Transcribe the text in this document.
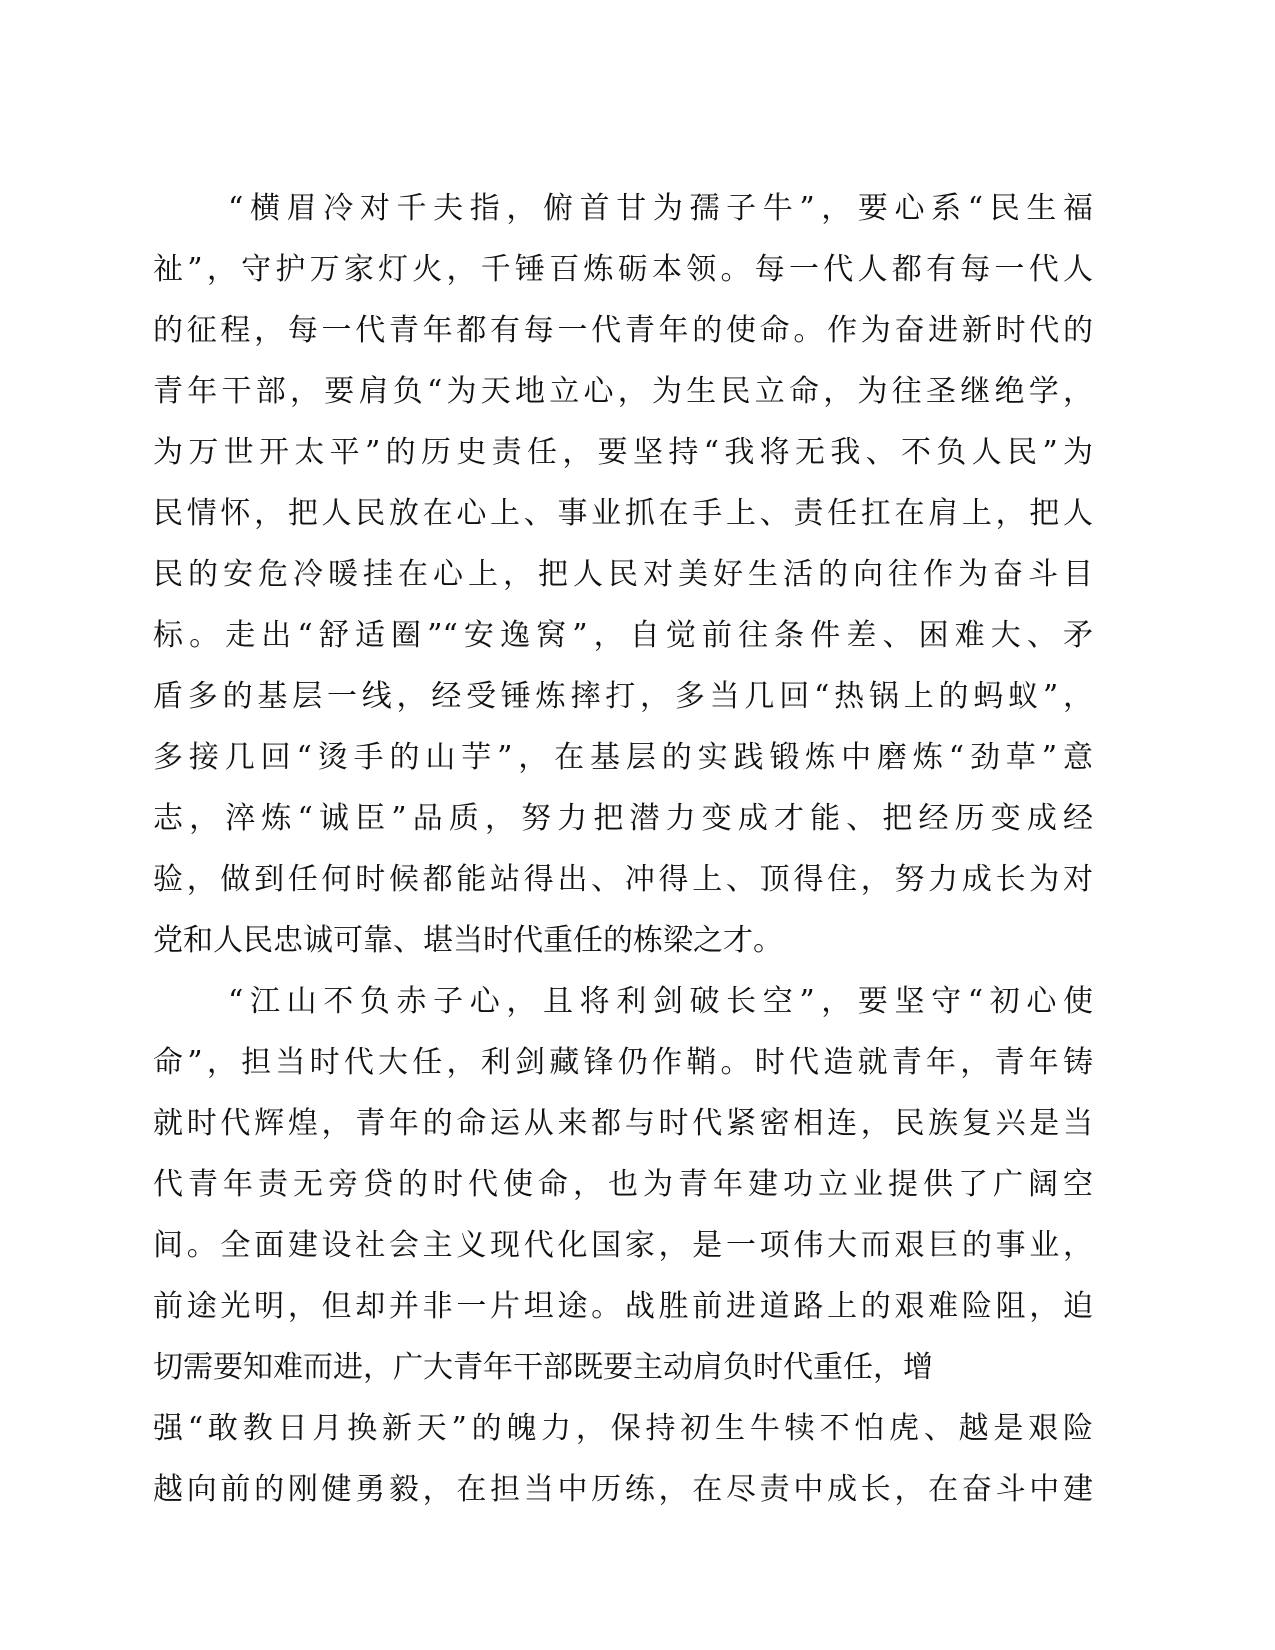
“横眉冷对千夫指，俯首甘为孺子牛”，要心系“民生福
祉”，守护万家灯火，千锤百炼砺本领。每一代人都有每一代人
的征程，每一代青年都有每一代青年的使命。作为奋进新时代的
青年干部，要肩负“为天地立心，为生民立命，为往圣继绝学，
为万世开太平”的历史责任，要坚持“我将无我、不负人民”为
民情怀，把人民放在心上、事业抓在手上、责任扛在肩上，把人
民的安危冷暖挂在心上，把人民对美好生活的向往作为奋斗目
标。走出“舒适圈”“安逸窝”，自觉前往条件差、困难大、矛
盾多的基层一线，经受锤炼摔打，多当几回“热锅上的蚂蚁”，
多接几回“烫手的山芋”，在基层的实践锻炼中磨炼“劲草”意
志，淬炼“诚臣”品质，努力把潜力变成才能、把经历变成经
验，做到任何时候都能站得出、冲得上、顶得住，努力成长为对
党和人民忠诚可靠、堪当时代重任的栋梁之才。
“江山不负赤子心，且将利剑破长空”，要坚守“初心使
命”，担当时代大任，利剑藏锋仍作鞘。时代造就青年，青年铸
就时代辉煌，青年的命运从来都与时代紧密相连，民族复兴是当
代青年责无旁贷的时代使命，也为青年建功立业提供了广阔空
间。全面建设社会主义现代化国家，是一项伟大而艰巨的事业，
前途光明，但却并非一片坦途。战胜前进道路上的艰难险阻，迫
切需要知难而进，广大青年干部既要主动肩负时代重任，增
强“敢教日月换新天”的魄力，保持初生牛犊不怕虎、越是艰险
越向前的刚健勇毅，在担当中历练，在尽责中成长，在奋斗中建
